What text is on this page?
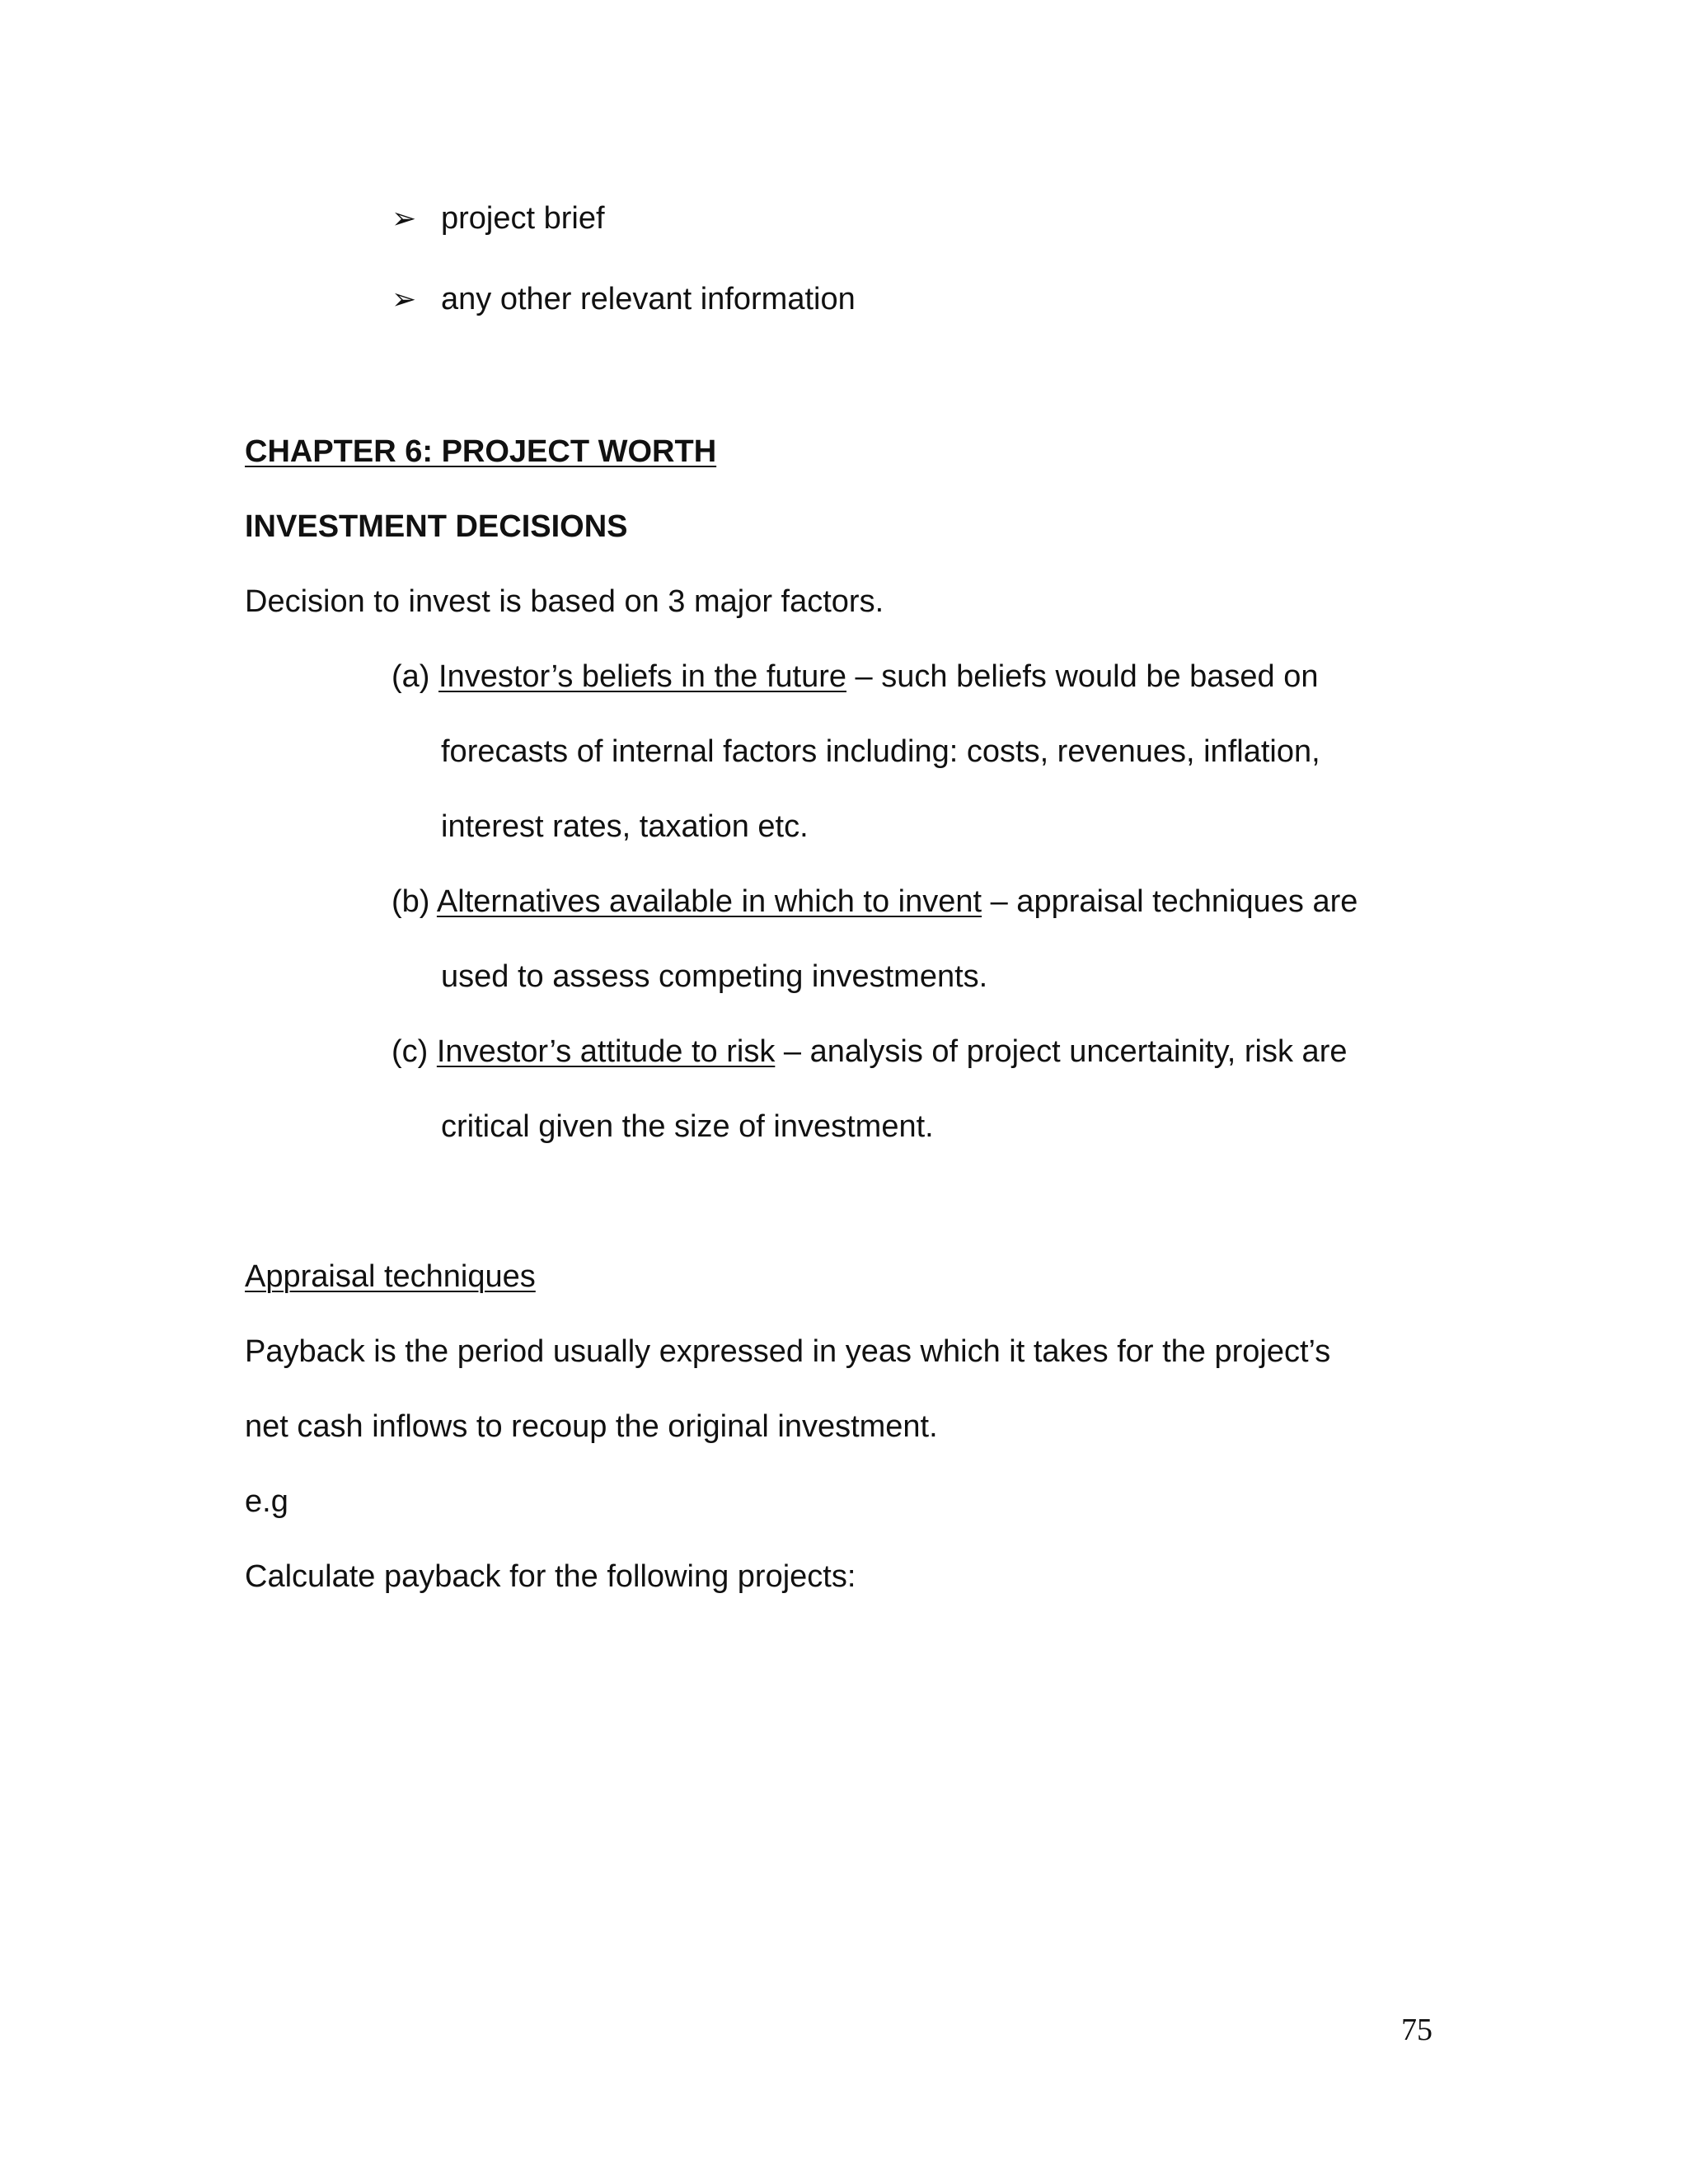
➢ project brief
➢ any other relevant information
CHAPTER 6: PROJECT WORTH
INVESTMENT DECISIONS
Decision to invest is based on 3 major factors.
(a) Investor’s beliefs in the future – such beliefs would be based on
forecasts of internal factors including: costs, revenues, inflation,
interest rates, taxation etc.
(b) Alternatives available in which to invent – appraisal techniques are
used to assess competing investments.
(c) Investor’s attitude to risk – analysis of project uncertainity, risk are
critical given the size of investment.
Appraisal techniques
Payback is the period usually expressed in yeas which it takes for the project’s
net cash inflows to recoup the original investment.
e.g
Calculate payback for the following projects:
75
